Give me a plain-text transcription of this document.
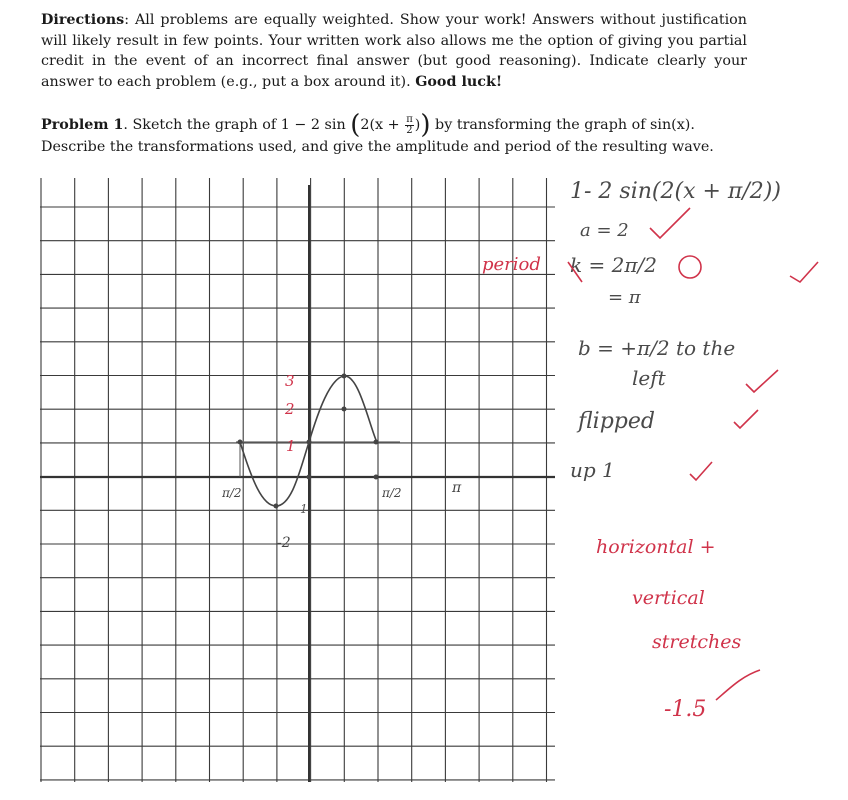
Directions: All problems are equally weighted. Show your work! Answers without justification will likely result in few points. Your written work also allows me the option of giving you partial credit in the event of an incorrect final answer (but good reasoning). Indicate clearly your answer to each problem (e.g., put a box around it). Good luck!
Problem 1. Sketch the graph of 1 − 2 $\sin (2(x + \frac{\pi}{2}$ )) by transforming the graph of sin(x). Describe the transformations used, and give the amplitude and period of the resulting wave.
3
2
1
1
-2
π/2	π/2	π
1- 2 sin(2(x + π/2))
a = 2
k = 2π/2
= π
b = +π/2 to the
left
flipped
up 1
period
horizontal +
vertical
stretches
-1.5
